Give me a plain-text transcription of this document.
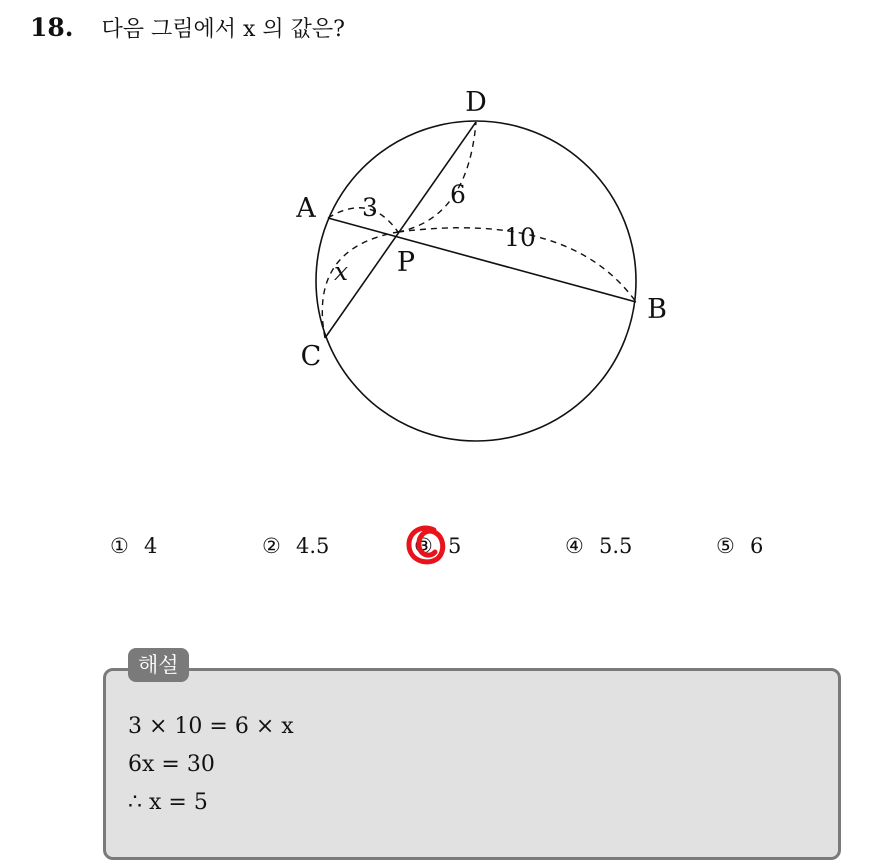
18. 다음 그림에서 x 의 값은?
D
A
P
B
C
3	6
10
x
① 4	② 4.5	③ 5	④ 5.5	⑤ 6
해설
3 × 10 = 6 × x
6x = 30
∴ x = 5
